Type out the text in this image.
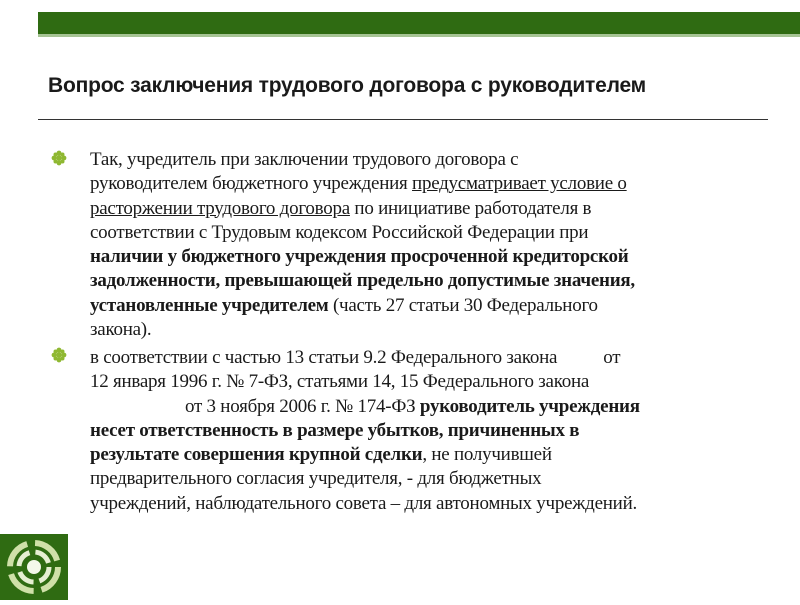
Вопрос заключения трудового договора с руководителем
Так, учредитель при заключении трудового договора с
руководителем бюджетного учреждения предусматривает условие о
расторжении трудового договора по инициативе работодателя в
соответствии с Трудовым кодексом Российской Федерации при
наличии у бюджетного учреждения просроченной кредиторской
задолженности, превышающей предельно допустимые значения,
установленные учредителем (часть 27 статьи 30 Федерального
закона).
в соответствии с частью 13 статьи 9.2 Федерального закона от
12 января 1996 г. № 7-ФЗ, статьями 14, 15 Федерального закона
от 3 ноября 2006 г. № 174-ФЗ руководитель учреждения
несет ответственность в размере убытков, причиненных в
результате совершения крупной сделки, не получившей
предварительного согласия учредителя, - для бюджетных
учреждений, наблюдательного совета – для автономных учреждений.
